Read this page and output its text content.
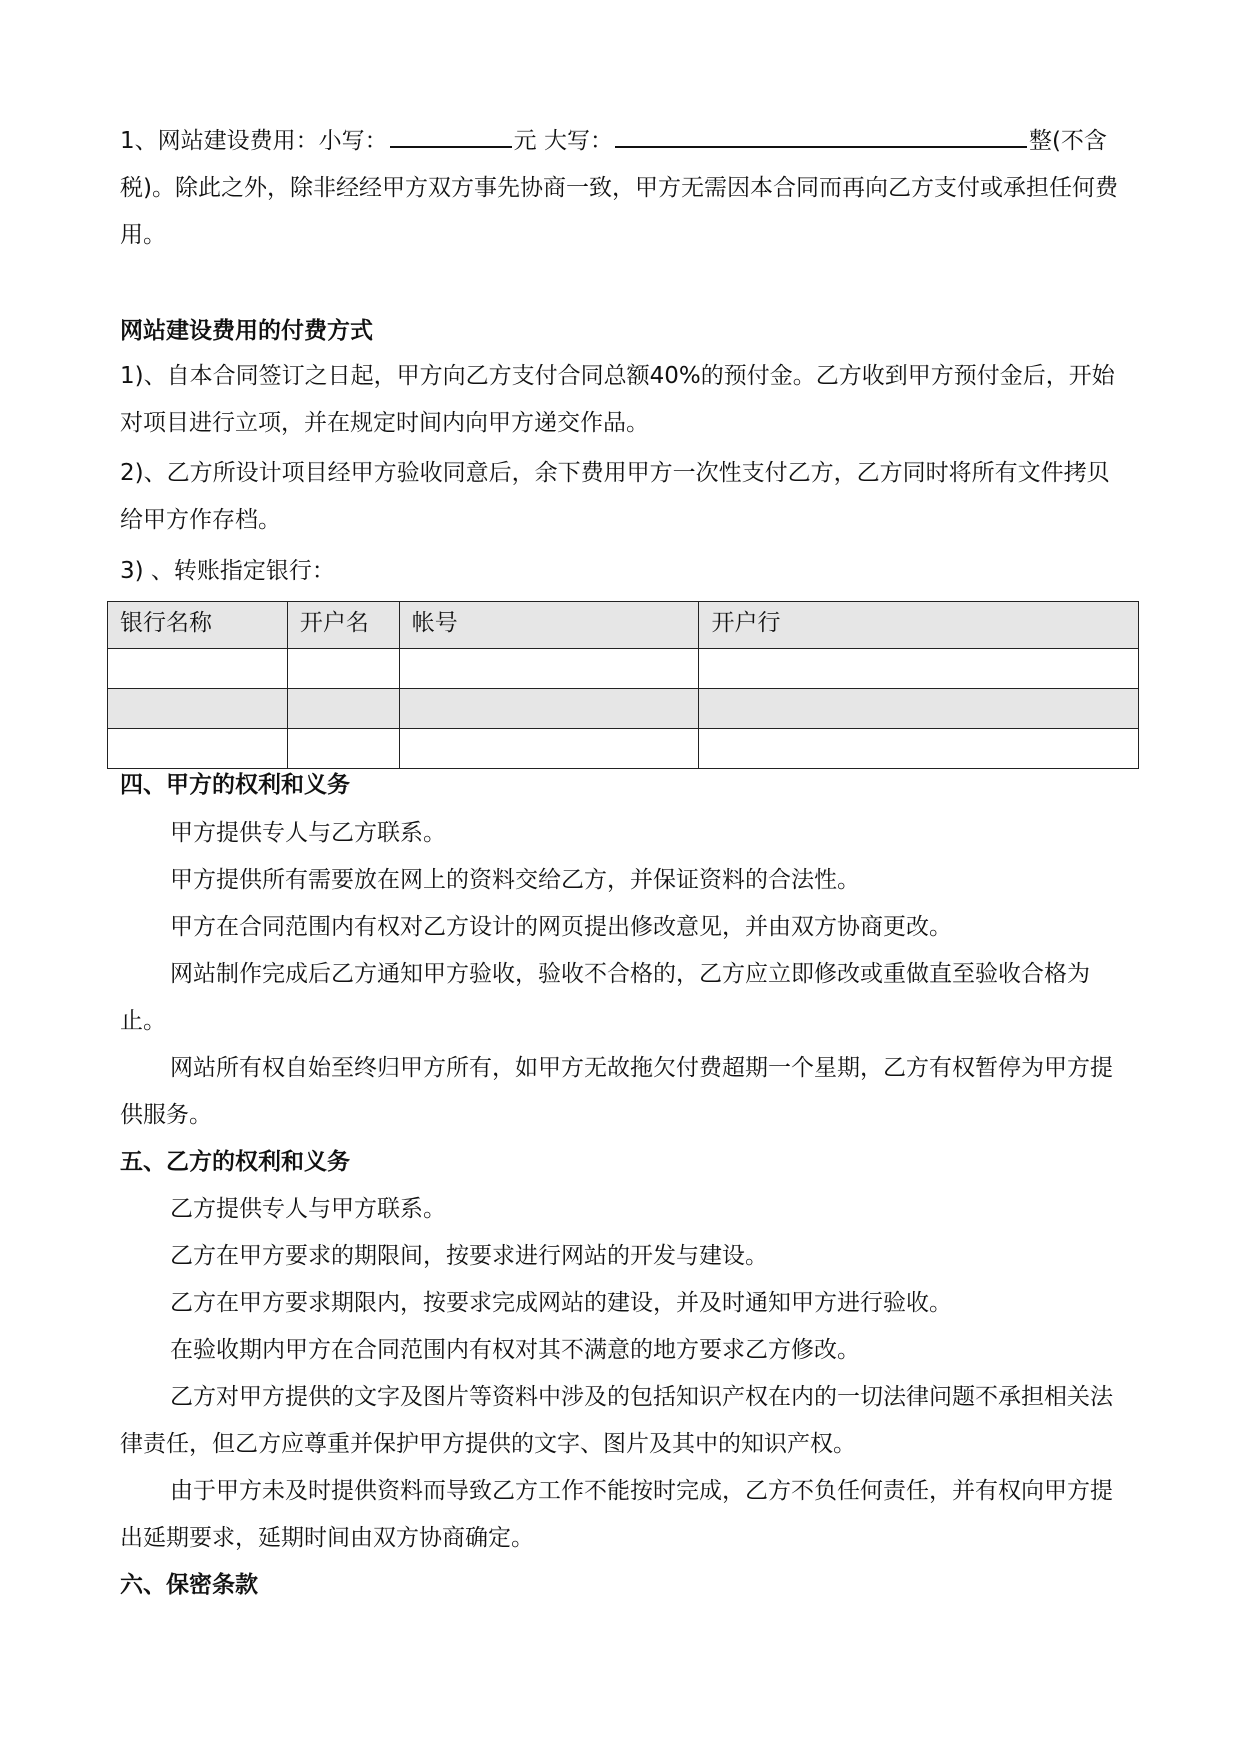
1、网站建设费用：小写：	元 大写：	整(不含税)。除此之外，除非经经甲方双方事先协商一致，甲方无需因本合同而再向乙方支付或承担任何费用。

网站建设费用的付费方式

1)、自本合同签订之日起，甲方向乙方支付合同总额40%的预付金。乙方收到甲方预付金后，开始对项目进行立项，并在规定时间内向甲方递交作品。

2)、乙方所设计项目经甲方验收同意后，余下费用甲方一次性支付乙方，乙方同时将所有文件拷贝给甲方作存档。

3) 、转账指定银行：

银行名称	开户名	帐号	开户行

四、甲方的权利和义务

甲方提供专人与乙方联系。

甲方提供所有需要放在网上的资料交给乙方，并保证资料的合法性。

甲方在合同范围内有权对乙方设计的网页提出修改意见，并由双方协商更改。

网站制作完成后乙方通知甲方验收，验收不合格的，乙方应立即修改或重做直至验收合格为止。

网站所有权自始至终归甲方所有，如甲方无故拖欠付费超期一个星期，乙方有权暂停为甲方提供服务。

五、乙方的权利和义务

乙方提供专人与甲方联系。

乙方在甲方要求的期限间，按要求进行网站的开发与建设。

乙方在甲方要求期限内，按要求完成网站的建设，并及时通知甲方进行验收。

在验收期内甲方在合同范围内有权对其不满意的地方要求乙方修改。

乙方对甲方提供的文字及图片等资料中涉及的包括知识产权在内的一切法律问题不承担相关法律责任，但乙方应尊重并保护甲方提供的文字、图片及其中的知识产权。

由于甲方未及时提供资料而导致乙方工作不能按时完成，乙方不负任何责任，并有权向甲方提出延期要求，延期时间由双方协商确定。

六、保密条款
